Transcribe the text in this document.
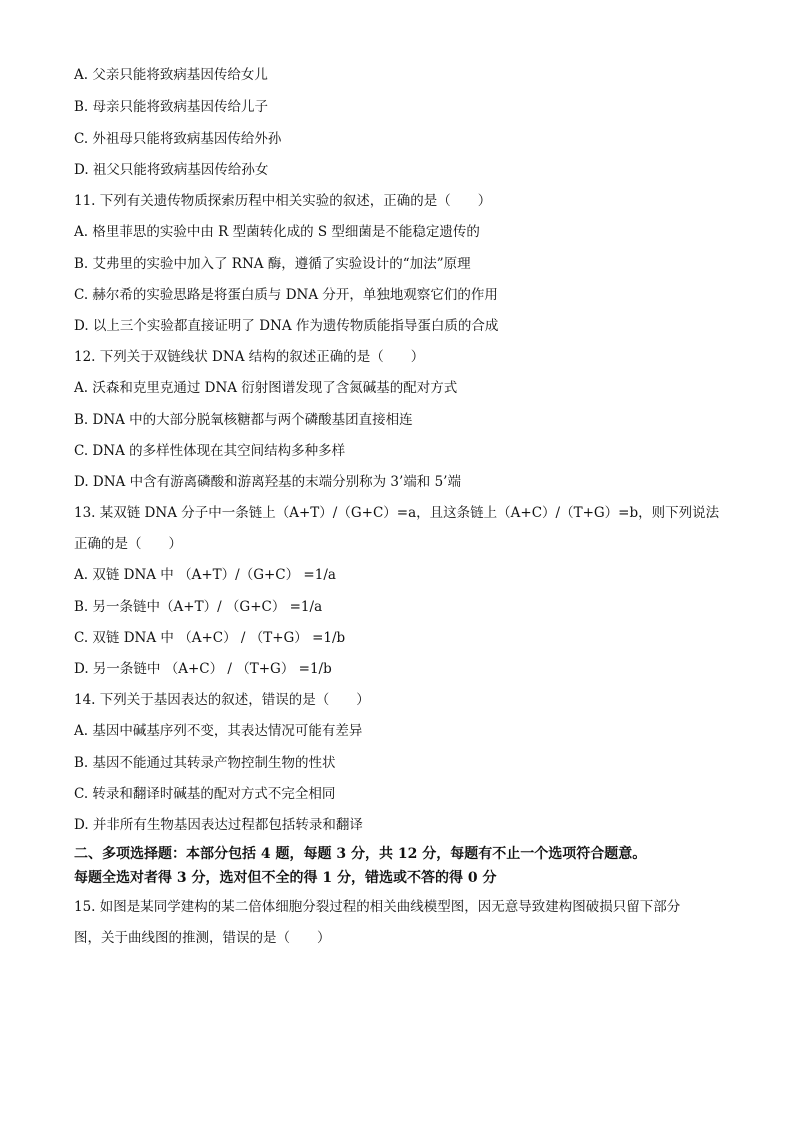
A. 父亲只能将致病基因传给女儿
B. 母亲只能将致病基因传给儿子
C. 外祖母只能将致病基因传给外孙
D. 祖父只能将致病基因传给孙女
11. 下列有关遗传物质探索历程中相关实验的叙述，正确的是（　　）
A. 格里菲思的实验中由 R 型菌转化成的 S 型细菌是不能稳定遗传的
B. 艾弗里的实验中加入了 RNA 酶，遵循了实验设计的“加法”原理
C. 赫尔希的实验思路是将蛋白质与 DNA 分开，单独地观察它们的作用
D. 以上三个实验都直接证明了 DNA 作为遗传物质能指导蛋白质的合成
12. 下列关于双链线状 DNA 结构的叙述正确的是（　　）
A. 沃森和克里克通过 DNA 衍射图谱发现了含氮碱基的配对方式
B. DNA 中的大部分脱氧核糖都与两个磷酸基团直接相连
C. DNA 的多样性体现在其空间结构多种多样
D. DNA 中含有游离磷酸和游离羟基的末端分别称为 3’端和 5’端
13. 某双链 DNA 分子中一条链上（A+T）/（G+C）=a，且这条链上（A+C）/（T+G）=b，则下列说法
正确的是（　　）
A. 双链 DNA 中 （A+T）/（G+C） =1/a
B. 另一条链中（A+T）/ （G+C） =1/a
C. 双链 DNA 中 （A+C） / （T+G） =1/b
D. 另一条链中 （A+C） / （T+G） =1/b
14. 下列关于基因表达的叙述，错误的是（　　）
A. 基因中碱基序列不变，其表达情况可能有差异
B. 基因不能通过其转录产物控制生物的性状
C. 转录和翻译时碱基的配对方式不完全相同
D. 并非所有生物基因表达过程都包括转录和翻译
二、多项选择题：本部分包括 4 题，每题 3 分，共 12 分，每题有不止一个选项符合题意。
每题全选对者得 3 分，选对但不全的得 1 分，错选或不答的得 0 分
15. 如图是某同学建构的某二倍体细胞分裂过程的相关曲线模型图，因无意导致建构图破损只留下部分
图，关于曲线图的推测，错误的是（　　）
